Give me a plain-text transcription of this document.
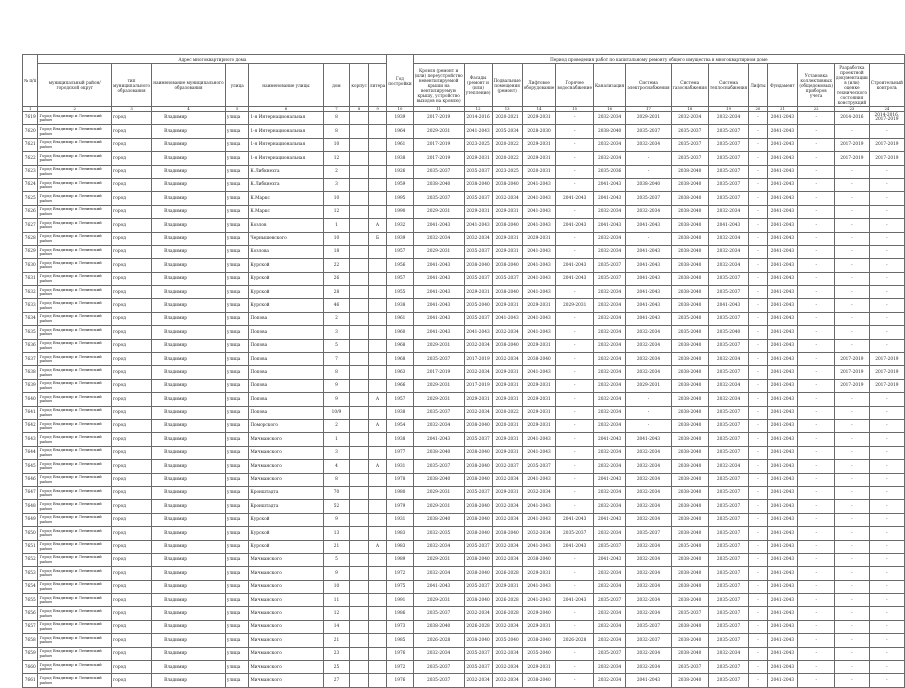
№ п/п	Адрес многоквартирного дома								Год постройки	Период проведения работ по капитальному ремонту общего имущества в многоквартирном доме													
	муниципальный район/городской округ	тип муниципального образования	наименование муниципального образования	улица	наименование улицы	дом	корпус	литера		Кровля (ремонт и (или) переустройство невентилируемой крыши на вентилируемую крышу, устройство выходов на кровлю)	Фасады (ремонт и (или) утепление)	Подвальные помещения (ремонт)	Лифтовое оборудование	Горячее водоснабжение	Канализация	Система электроснабжения	Система газоснабжения	Система теплоснабжения	Лифты	Фундамент	Установка коллективных (общедомовых) приборов учета	Разработка проектной документации в (или) оценке технического состояния конструкций	Строительный контроль
1	2	3	4	5	6	7	8	9	10	11	12	13	14	15	16	17	18	19	20	21	22	23	24
7619	Город Владимир и Ленинский район	город	Владимир	улица	1-я Интернациональная	8			1939	2017-2019	2014-2016	2020-2021	2029-2031	-	2032-2034	2029-2031	2032-2034	2032-2034	-	2041-2043	-	2014-2016	2014-2016, 2017-2019
7620	Город Владимир и Ленинский район	город	Владимир	улица	1-я Интернациональная	8			1964	2029-2031	2041-2043	2035-2034	2028-2030	-	2038-2040	2035-2037	2035-2037	2035-2037	-	2041-2043	-	-	-
7621	Город Владимир и Ленинский район	город	Владимир	улица	1-я Интернациональная	10			1961	2017-2019	2023-2025	2020-2022	2029-2031	-	2032-2034	2032-2034	2035-2037	2035-2037	-	2041-2043	-	2017-2019	2017-2019
7622	Город Владимир и Ленинский район	город	Владимир	улица	1-я Интернациональная	12			1938	2017-2019	2029-2031	2020-2022	2029-2031	-	2032-2034	-	2035-2037	2035-2037	-	2041-2043	-	2017-2019	2017-2019
7623	Город Владимир и Ленинский район	город	Владимир	улица	К.Либкнехта	2			1926	2035-2037	2035-2037	2023-2025	2020-2031	-	2035-2036	-	2038-2040	2035-2037	-	2041-2043	-	-	-
7624	Город Владимир и Ленинский район	город	Владимир	улица	К.Либкнехта	3			1959	2038-2040	2038-2040	2038-2040	2041-2043	-	2041-2043	2038-2040	2038-2040	2035-2037	-	2041-2043	-	-	-
7625	Город Владимир и Ленинский район	город	Владимир	улица	К.Маркс	10			1995	2035-2037	2035-2037	2032-2034	2041-2043	2041-2043	2041-2043	2035-2037	2038-2040	2035-2037	-	2041-2043	-	-	-
7626	Город Владимир и Ленинский район	город	Владимир	улица	К.Маркс	12			1990	2029-2031	2029-2031	2029-2031	2041-2043	-	2032-2034	2032-2034	2038-2040	2032-2034	-	2041-2043	-	-	-
7627	Город Владимир и Ленинский район	город	Владимир	улица	Козлов	1		А	1932	2041-2043	2041-2043	2038-2040	2041-2043	2041-2043	2041-2043	2041-2043	2038-2040	2041-2043	-	2041-2043	-	-	-
7628	Город Владимир и Ленинский район	город	Владимир	улица	Чернышевского	10		Б	1939	2032-2034	2032-2034	2029-2031	2029-2031	-	2032-2034	-	2038-2040	2032-2034	-	2041-2043	-	-	-
7629	Город Владимир и Ленинский район	город	Владимир	улица	Козлова	18			1957	2029-2031	2035-2037	2029-2031	2041-2043	-	2032-2034	2041-2043	2038-2040	2032-2034	-	2041-2043	-	-	-
7630	Город Владимир и Ленинский район	город	Владимир	улица	Курской	22			1956	2041-2043	2038-2040	2038-2040	2041-2043	2041-2043	2035-2037	2041-2043	2038-2040	2032-2034	-	2041-2043	-	-	-
7631	Город Владимир и Ленинский район	город	Владимир	улица	Курской	26			1957	2041-2043	2035-2037	2035-2037	2041-2043	2041-2043	2035-2037	2041-2043	2038-2040	2035-2037	-	2041-2043	-	-	-
7632	Город Владимир и Ленинский район	город	Владимир	улица	Курской	28			1955	2041-2043	2029-2031	2038-2040	2041-2043	-	2032-2034	2041-2043	2038-2040	2035-2037	-	2041-2043	-	-	-
7633	Город Владимир и Ленинский район	город	Владимир	улица	Курской	46			1938	2041-2043	2035-2040	2029-2031	2029-2031	2029-2031	2032-2034	2041-2043	2038-2040	2041-2043	-	2041-2043	-	-	-
7634	Город Владимир и Ленинский район	город	Владимир	улица	Попова	2			1961	2041-2043	2035-2037	2041-2043	2041-2043	-	2032-2034	2041-2043	2035-2040	2035-2037	-	2041-2043	-	-	-
7635	Город Владимир и Ленинский район	город	Владимир	улица	Попова	3			1960	2041-2043	2041-2043	2032-2034	2041-2043	-	2032-2034	2032-2034	2035-2040	2035-2040	-	2041-2043	-	-	-
7636	Город Владимир и Ленинский район	город	Владимир	улица	Попова	5			1968	2029-2031	2032-2034	2038-2040	2029-2031	-	2032-2034	2032-2034	2038-2040	2035-2037	-	2041-2043	-	-	-
7637	Город Владимир и Ленинский район	город	Владимир	улица	Попова	7			1968	2035-2037	2017-2019	2032-2034	2038-2040	-	2032-2034	2032-2034	2038-2040	2032-2034	-	2041-2043	-	2017-2019	2017-2019
7638	Город Владимир и Ленинский район	город	Владимир	улица	Попова	8			1963	2017-2019	2032-2034	2029-2031	2041-2043	-	2032-2034	2032-2034	2038-2040	2035-2037	-	2041-2043	-	2017-2019	2017-2019
7639	Город Владимир и Ленинский район	город	Владимир	улица	Попова	9			1966	2029-2031	2017-2019	2029-2031	2029-2031	-	2032-2034	2029-2031	2038-2040	2032-2034	-	2041-2043	-	2017-2019	2017-2019
7640	Город Владимир и Ленинский район	город	Владимир	улица	Попова	9		А	1957	2029-2031	2029-2031	2029-2031	2029-2031	-	2032-2034	-	2038-2040	2032-2034	-	2041-2043	-	-	-
7641	Город Владимир и Ленинский район	город	Владимир	улица	Попова	10/9			1938	2035-2037	2032-2034	2020-2022	2029-2031	-	2032-2034	-	2038-2040	2035-2037	-	2041-2043	-	-	-
7642	Город Владимир и Ленинский район	город	Владимир	улица	Поморского	2		А	1954	2032-2034	2038-2040	2020-2031	2029-2031	-	2032-2034	-	2038-2040	2035-2037	-	2041-2043	-	-	-
7643	Город Владимир и Ленинский район	город	Владимир	улица	Мичманского	1			1938	2041-2043	2035-2037	2029-2031	2041-2043	-	2041-2043	2041-2043	2038-2040	2035-2037	-	2041-2043	-	-	-
7644	Город Владимир и Ленинский район	город	Владимир	улица	Мичманского	3			1977	2038-2040	2038-2040	2029-2031	2041-2043	-	2032-2034	2032-2034	2038-2040	2035-2037	-	2041-2043	-	-	-
7645	Город Владимир и Ленинский район	город	Владимир	улица	Мичманского	4		А	1931	2035-2037	2038-2040	2032-2037	2035-2037	-	2032-2034	2032-2034	2038-2040	2032-2034	-	2041-2043	-	-	-
7646	Город Владимир и Ленинский район	город	Владимир	улица	Мичманского	8			1978	2038-2040	2038-2040	2032-2034	2041-2043	-	2041-2043	2032-2034	2038-2040	2035-2037	-	2041-2043	-	-	-
7647	Город Владимир и Ленинский район	город	Владимир	улица	Кронштадта	70			1980	2029-2031	2035-2037	2029-2031	2032-2034	-	2032-2034	2032-2034	2038-2040	2035-2037	-	2041-2043	-	-	-
7648	Город Владимир и Ленинский район	город	Владимир	улица	Кронштадта	52			1979	2029-2031	2038-2040	2032-2034	2041-2043	-	2032-2034	2032-2034	2038-2040	2035-2037	-	2041-2043	-	-	-
7649	Город Владимир и Ленинский район	город	Владимир	улица	Курской	9			1931	2038-2040	2038-2040	2032-2034	2041-2043	2041-2043	2041-2043	2032-2034	2038-2040	2035-2037	-	2041-2043	-	-	-
7650	Город Владимир и Ленинский район	город	Владимир	улица	Курской	13			1983	2032-2035	2038-2040	2038-2040	2032-2034	2035-2037	2032-2034	2035-2037	2038-2040	2035-2037	-	2041-2043	-	-	-
7651	Город Владимир и Ленинский район	город	Владимир	улица	Курской	21		А	1983	2032-2034	2035-2037	2032-2034	2041-2043	2041-2043	2035-2037	2032-2034	2035-2040	2035-2037	-	2041-2043	-	-	-
7652	Город Владимир и Ленинский район	город	Владимир	улица	Мичманского	5			1989	2029-2031	2038-2040	2032-2034	2038-2040	-	2041-2043	2032-2034	2038-2040	2035-2037	-	2041-2043	-	-	-
7653	Город Владимир и Ленинский район	город	Владимир	улица	Мичманского	9			1972	2032-2034	2038-2040	2026-2028	2029-2031	-	2032-2034	2032-2034	2038-2040	2035-2037	-	2041-2043	-	-	-
7654	Город Владимир и Ленинский район	город	Владимир	улица	Мичманского	10			1975	2041-2043	2035-2037	2029-2031	2041-2043	-	2032-2034	2032-2034	2038-2040	2035-2037	-	2041-2043	-	-	-
7655	Город Владимир и Ленинский район	город	Владимир	улица	Мичманского	11			1991	2029-2031	2038-2040	2026-2028	2041-2043	2041-2043	2035-2037	2032-2034	2038-2040	2035-2037	-	2041-2043	-	-	-
7656	Город Владимир и Ленинский район	город	Владимир	улица	Мичманского	12			1986	2035-2037	2032-2034	2026-2028	2029-2040	-	2032-2034	2032-2034	2035-2037	2035-2037	-	2041-2043	-	-	-
7657	Город Владимир и Ленинский район	город	Владимир	улица	Мичманского	14			1973	2038-2040	2026-2028	2032-2034	2029-2031	-	2032-2034	2035-2037	2038-2040	2035-2037	-	2041-2043	-	-	-
7658	Город Владимир и Ленинский район	город	Владимир	улица	Мичманского	21			1985	2026-2028	2038-2040	2035-2040	2038-2040	2026-2028	2032-2034	2032-2037	2038-2040	2035-2037	-	2041-2043	-	-	-
7659	Город Владимир и Ленинский район	город	Владимир	улица	Мичманского	23			1976	2032-2034	2035-2037	2032-2034	2035-2040	-	2035-2037	2032-2034	2038-2040	2032-2034	-	2041-2043	-	-	-
7660	Город Владимир и Ленинский район	город	Владимир	улица	Мичманского	25			1972	2035-2037	2035-2037	2032-2034	2029-2031	-	2032-2034	2032-2034	2035-2037	2035-2037	-	2041-2043	-	-	-
7661	Город Владимир и Ленинский район	город	Владимир	улица	Мичманского	27			1976	2035-2037	2032-2034	2032-2034	2038-2040	-	2032-2034	2041-2043	2038-2040	2035-2037	-	2041-2043	-	-	-
